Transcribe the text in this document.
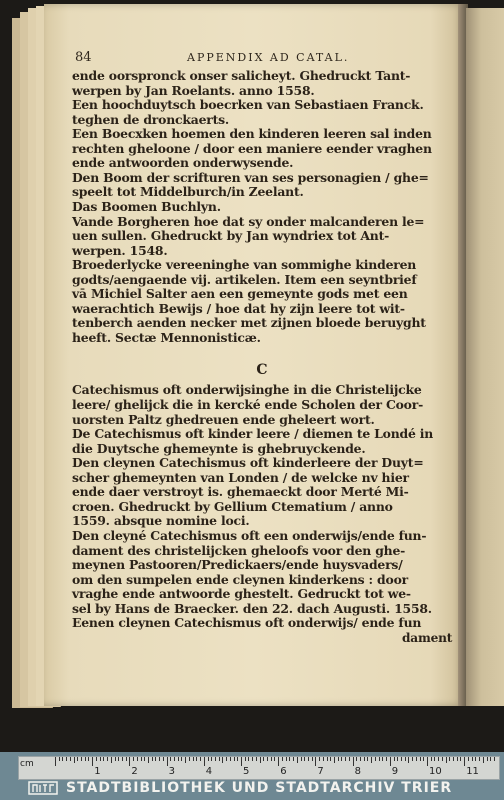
84	APPENDIX AD CATAL.
ende oorspronck onser salicheyt. Ghedruckt Tant-
werpen by Jan Roelants. anno 1558.
Een hoochduytsch boecrken van Sebastiaen Franck.
teghen de dronckaerts.
Een Boecxken hoemen den kinderen leeren sal inden
rechten gheloone / door een maniere eender vraghen
ende antwoorden onderwysende.
Den Boom der scrifturen van ses personagien / ghe=
speelt tot Middelburch/in Zeelant.
Das Boomen Buchlyn.
Vande Borgheren hoe dat sy onder malcanderen le=
uen sullen. Ghedruckt by Jan wyndriex tot Ant-
werpen. 1548.
Broederlycke vereeninghe van sommighe kinderen
godts/aengaende vij. artikelen. Item een seyntbrief
vā Michiel Salter aen een gemeynte gods met een
waerachtich Bewijs / hoe dat hy zijn leere tot wit-
tenberch aenden necker met zijnen bloede beruyght
heeft. Sectæ Mennonisticæ.
C
Catechismus oft onderwijsinghe in die Christelijcke
leere/ ghelijck die in kercké ende Scholen der Coor-
uorsten Paltz ghedreuen ende gheleert wort.
De Catechismus oft kinder leere / diemen te Londé in
die Duytsche ghemeynte is ghebruyckende.
Den cleynen Catechismus oft kinderleere der Duyt=
scher ghemeynten van Londen / de welcke nv hier
ende daer verstroyt is. ghemaeckt door Merté Mi-
croen. Ghedruckt by Gellium Ctematium / anno
1559. absque nomine loci.
Den cleyné Catechismus oft een onderwijs/ende fun-
dament des christelijcken gheloofs voor den ghe-
meynen Pastooren/Predickaers/ende huysvaders/
om den sumpelen ende cleynen kinderkens : door
vraghe ende antwoorde ghestelt. Gedruckt tot we-
sel by Hans de Braecker. den 22. dach Augusti. 1558.
Eenen cleynen Catechismus oft onderwijs/ ende fun
dament
1	2	3	4	5	6	7	8	9	10 11
cm
STADTBIBLIOTHEK UND STADTARCHIV TRIER
